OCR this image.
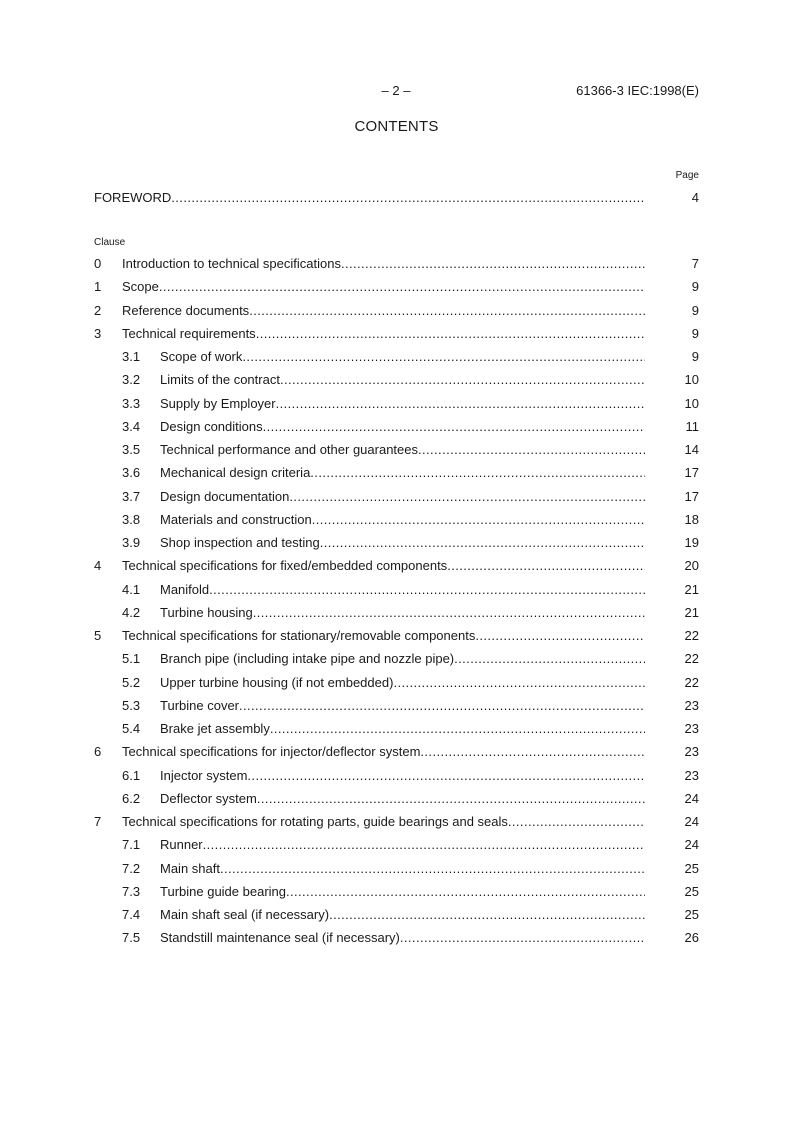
– 2 –	61366-3 IEC:1998(E)
CONTENTS
Page
FOREWORD .....	4
Clause
0	Introduction to technical specifications .....	7
1	Scope .....	9
2	Reference documents .....	9
3	Technical requirements .....	9
3.1	Scope of work .....	9
3.2	Limits of the contract .....	10
3.3	Supply by Employer .....	10
3.4	Design conditions .....	11
3.5	Technical performance and other guarantees .....	14
3.6	Mechanical design criteria .....	17
3.7	Design documentation .....	17
3.8	Materials and construction .....	18
3.9	Shop inspection and testing .....	19
4	Technical specifications for fixed/embedded components .....	20
4.1	Manifold .....	21
4.2	Turbine housing .....	21
5	Technical specifications for stationary/removable components .....	22
5.1	Branch pipe (including intake pipe and nozzle pipe) .....	22
5.2	Upper turbine housing (if not embedded) .....	22
5.3	Turbine cover .....	23
5.4	Brake jet assembly .....	23
6	Technical specifications for injector/deflector system .....	23
6.1	Injector system .....	23
6.2	Deflector system .....	24
7	Technical specifications for rotating parts, guide bearings and seals .....	24
7.1	Runner .....	24
7.2	Main shaft .....	25
7.3	Turbine guide bearing .....	25
7.4	Main shaft seal (if necessary) .....	25
7.5	Standstill maintenance seal (if necessary) .....	26
